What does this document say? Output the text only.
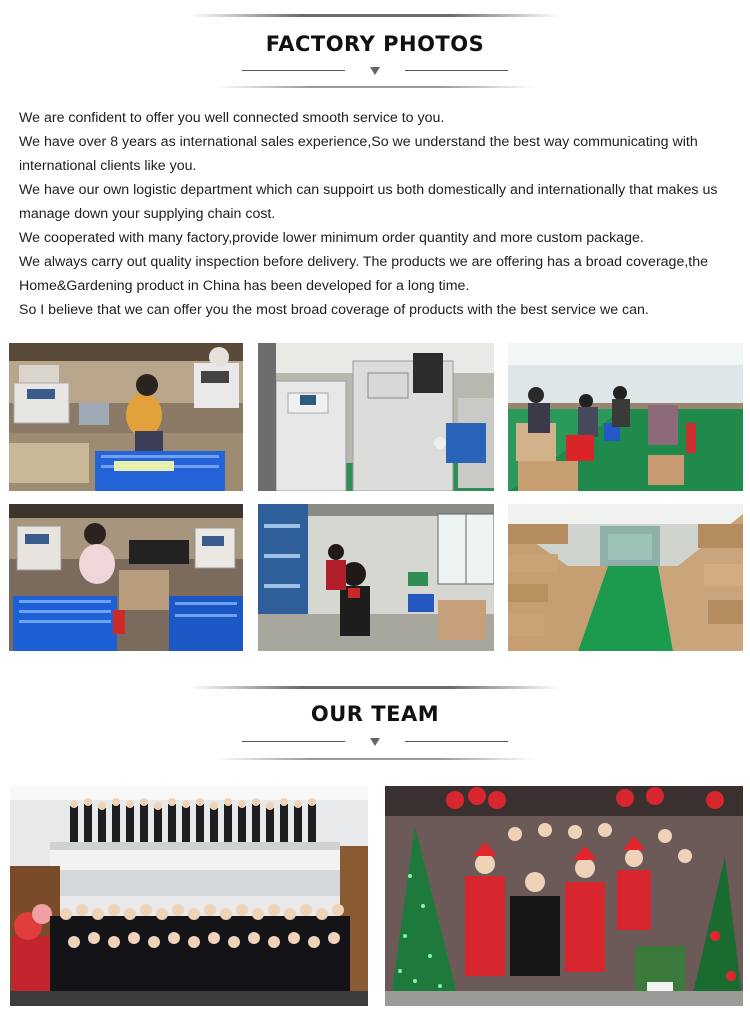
FACTORY PHOTOS

We are confident to offer you well connected smooth service to you.

We have over 8 years as international sales experience,So we understand the best way communicating with

international clients like you.

We have our own logistic department which can suppoirt us both domestically and internationally that makes us

manage down your supplying chain cost.

We cooperated with many factory,provide lower minimum order quantity and more custom package.

We always carry out quality inspection before delivery. The products we are offering has a broad coverage,the

Home&Gardening product in China has been developed for a long time.

So I believe that we can offer you the most broad coverage of products with the best service we can.

OUR TEAM
